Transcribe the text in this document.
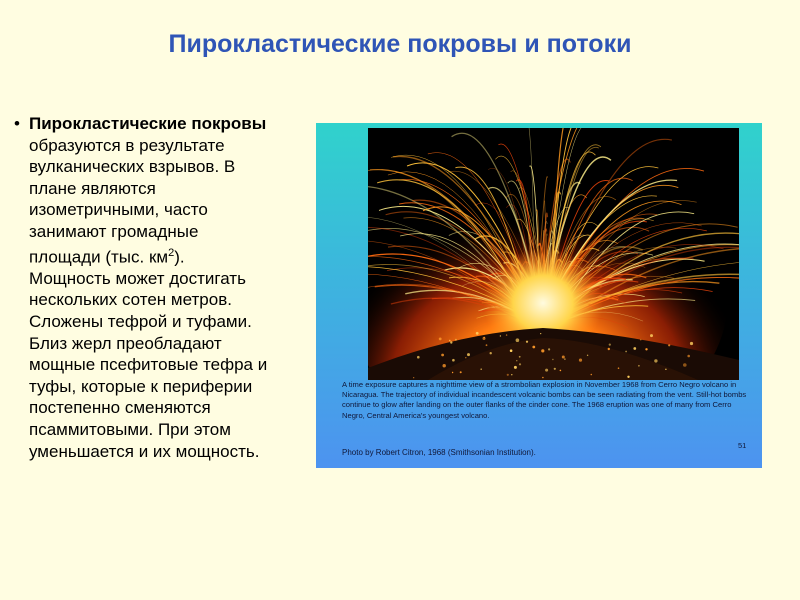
Пирокластические покровы и потоки
• Пирокластические покровы
образуются в результате
вулканических взрывов. В
плане являются
изометричными, часто
занимают громадные
площади (тыс. $км^2$).
Мощность может достигать
нескольких сотен метров.
Сложены тефрой и туфами.
Близ жерл преобладают
мощные псефитовые тефра и
туфы, которые к периферии
постепенно сменяются
псаммитовыми. При этом
уменьшается и их мощность.
A time exposure captures a nighttime view of a strombolian explosion in November 1968 from Cerro Negro volcano in Nicaragua. The trajectory of individual incandescent volcanic bombs can be seen radiating from the vent. Still-hot bombs continue to glow after landing on the outer flanks of the cinder cone. The 1968 eruption was one of many from Cerro Negro, Central America's youngest volcano.
51
Photo by Robert Citron, 1968 (Smithsonian Institution).
